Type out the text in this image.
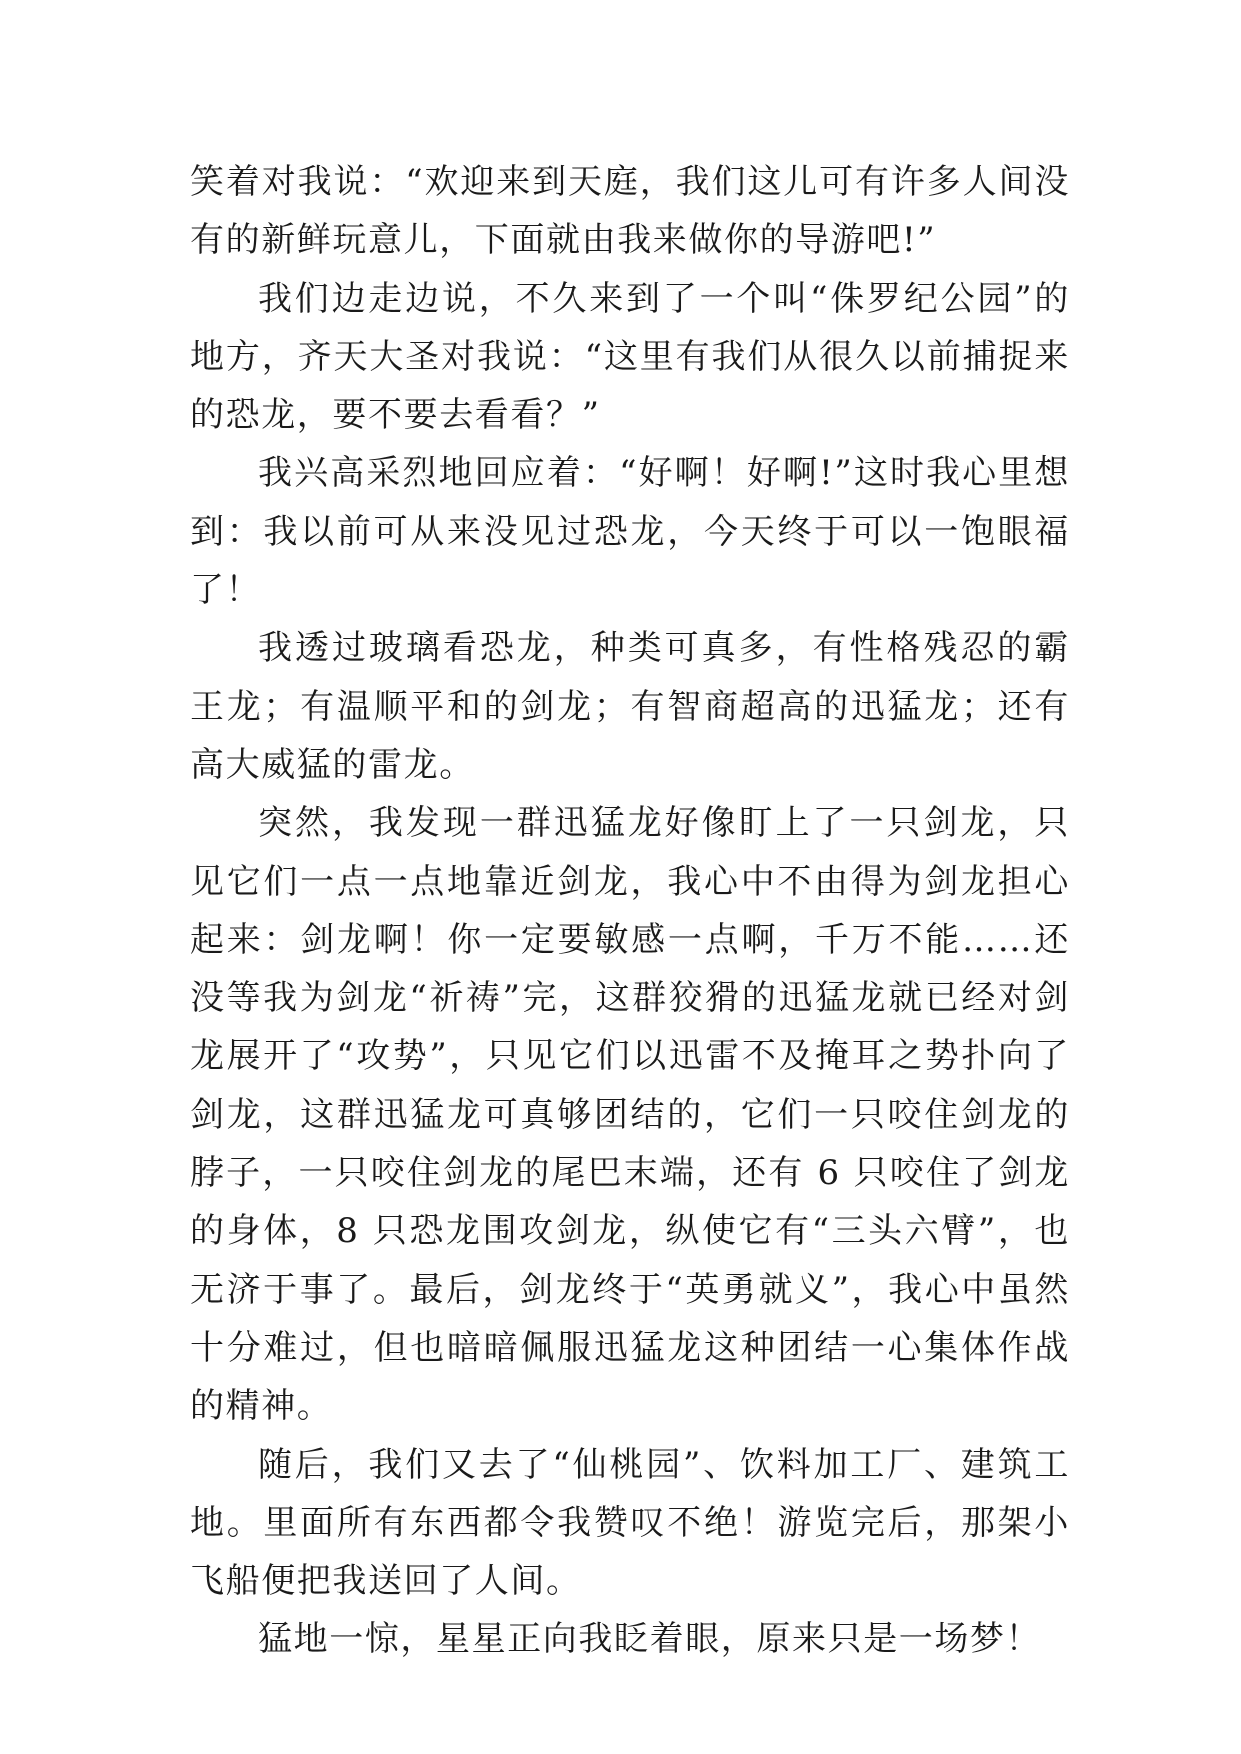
笑着对我说：“欢迎来到天庭，我们这儿可有许多人间没有的新鲜玩意儿，下面就由我来做你的导游吧!”

我们边走边说，不久来到了一个叫“侏罗纪公园”的地方，齐天大圣对我说：“这里有我们从很久以前捕捉来的恐龙，要不要去看看？”

我兴高采烈地回应着：“好啊！好啊!”这时我心里想到：我以前可从来没见过恐龙，今天终于可以一饱眼福了！

我透过玻璃看恐龙，种类可真多，有性格残忍的霸王龙；有温顺平和的剑龙；有智商超高的迅猛龙；还有高大威猛的雷龙。

突然，我发现一群迅猛龙好像盯上了一只剑龙，只见它们一点一点地靠近剑龙，我心中不由得为剑龙担心起来：剑龙啊！你一定要敏感一点啊，千万不能……还没等我为剑龙“祈祷”完，这群狡猾的迅猛龙就已经对剑龙展开了“攻势”，只见它们以迅雷不及掩耳之势扑向了剑龙，这群迅猛龙可真够团结的，它们一只咬住剑龙的脖子，一只咬住剑龙的尾巴末端，还有 6 只咬住了剑龙的身体，8 只恐龙围攻剑龙，纵使它有“三头六臂”，也无济于事了。最后，剑龙终于“英勇就义”，我心中虽然十分难过，但也暗暗佩服迅猛龙这种团结一心集体作战的精神。

随后，我们又去了“仙桃园”、饮料加工厂、建筑工地。里面所有东西都令我赞叹不绝！游览完后，那架小飞船便把我送回了人间。

猛地一惊，星星正向我眨着眼，原来只是一场梦！
